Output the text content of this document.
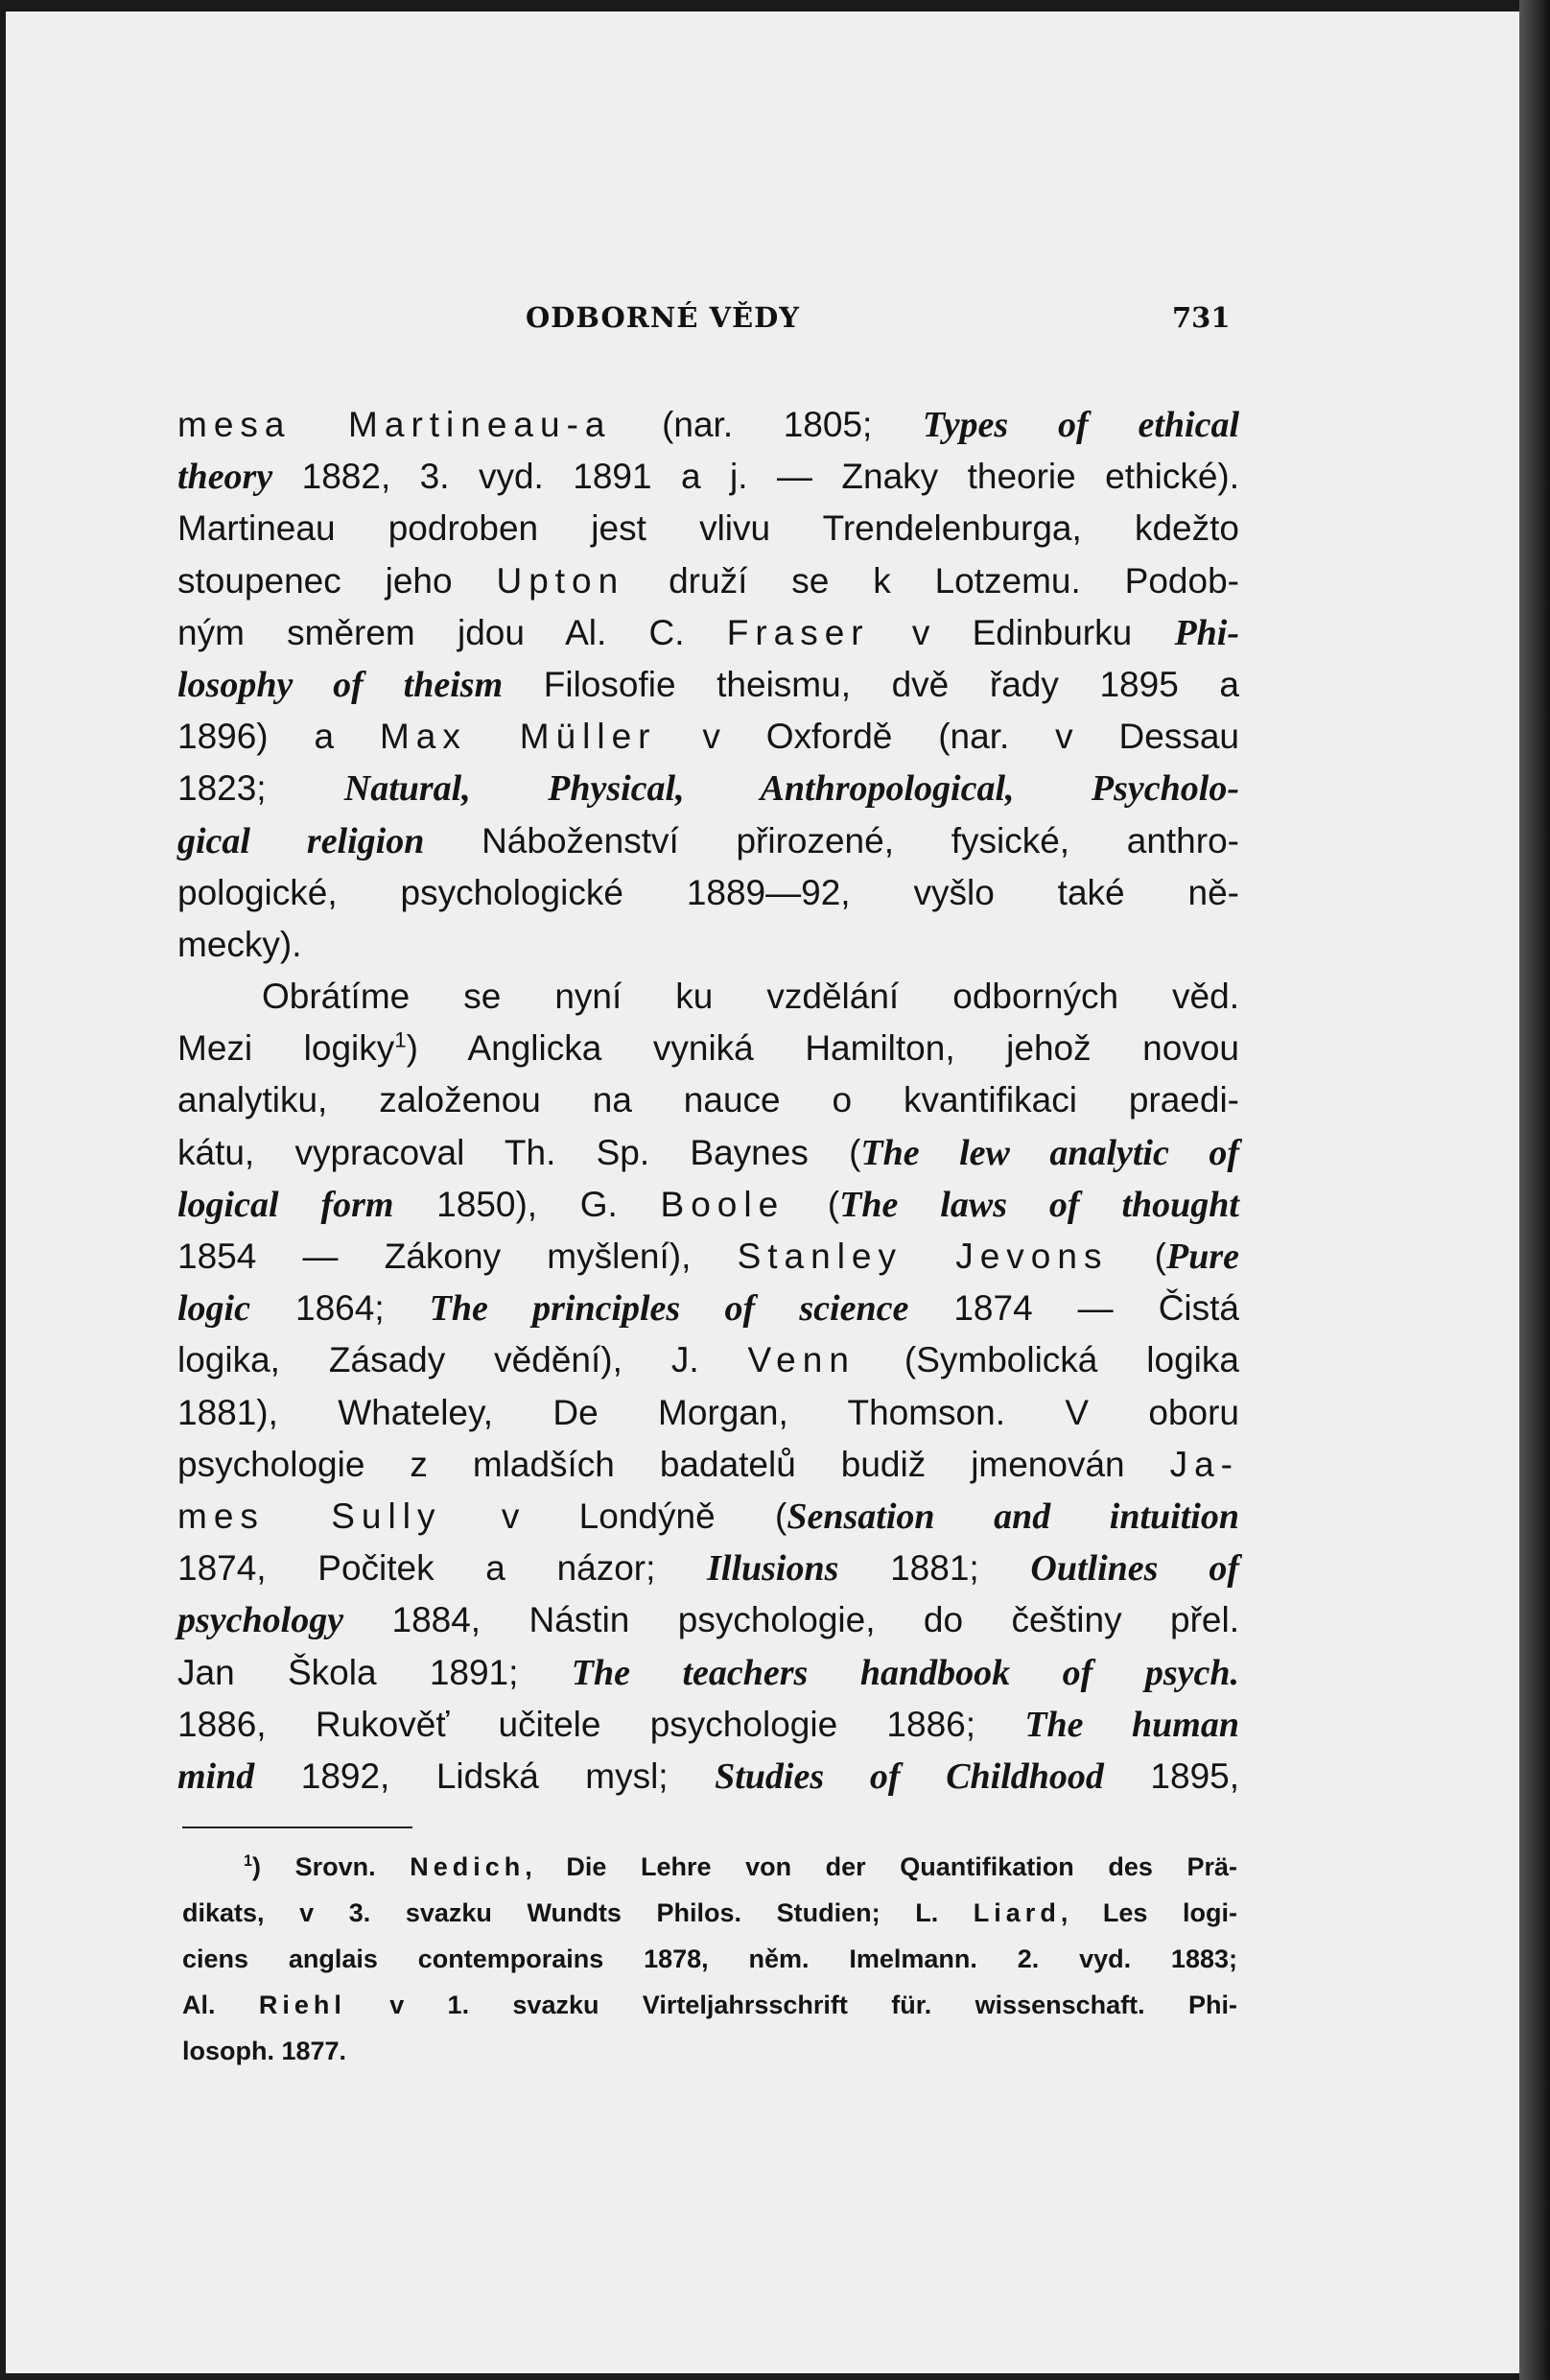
ODBORNÉ VĚDY	731
mesa Martineau-a (nar. 1805; Types of ethical
theory 1882, 3. vyd. 1891 a j. — Znaky theorie ethické).
Martineau podroben jest vlivu Trendelenburga, kdežto
stoupenec jeho Upton druží se k Lotzemu. Podob-
ným směrem jdou Al. C. Fraser v Edinburku Phi-
losophy of theism Filosofie theismu, dvě řady 1895 a
1896) a Max Müller v Oxfordě (nar. v Dessau
1823; Natural, Physical, Anthropological, Psycholo-
gical religion Náboženství přirozené, fysické, anthro-
pologické, psychologické 1889—92, vyšlo také ně-
mecky).
Obrátíme se nyní ku vzdělání odborných věd.
Mezi logiky$^1$) Anglicka vyniká Hamilton, jehož novou
analytiku, založenou na nauce o kvantifikaci praedi-
kátu, vypracoval Th. Sp. Baynes (The lew analytic of
logical form 1850), G. Boole (The laws of thought
1854 — Zákony myšlení), Stanley Jevons (Pure
logic 1864; The principles of science 1874 — Čistá
logika, Zásady vědění), J. Venn (Symbolická logika
1881), Whateley, De Morgan, Thomson. V oboru
psychologie z mladších badatelů budiž jmenován Ja-
mes Sully v Londýně (Sensation and intuition
1874, Počitek a názor; Illusions 1881; Outlines of
psychology 1884, Nástin psychologie, do češtiny přel.
Jan Škola 1891; The teachers handbook of psych.
1886, Rukověť učitele psychologie 1886; The human
mind 1892, Lidská mysl; Studies of Childhood 1895,
$^1$) Srovn. Nedich, Die Lehre von der Quantifikation des Prä-
dikats, v 3. svazku Wundts Philos. Studien; L. Liard, Les logi-
ciens anglais contemporains 1878, něm. Imelmann. 2. vyd. 1883;
Al. Riehl v 1. svazku Virteljahrsschrift für. wissenschaft. Phi-
losoph. 1877.
